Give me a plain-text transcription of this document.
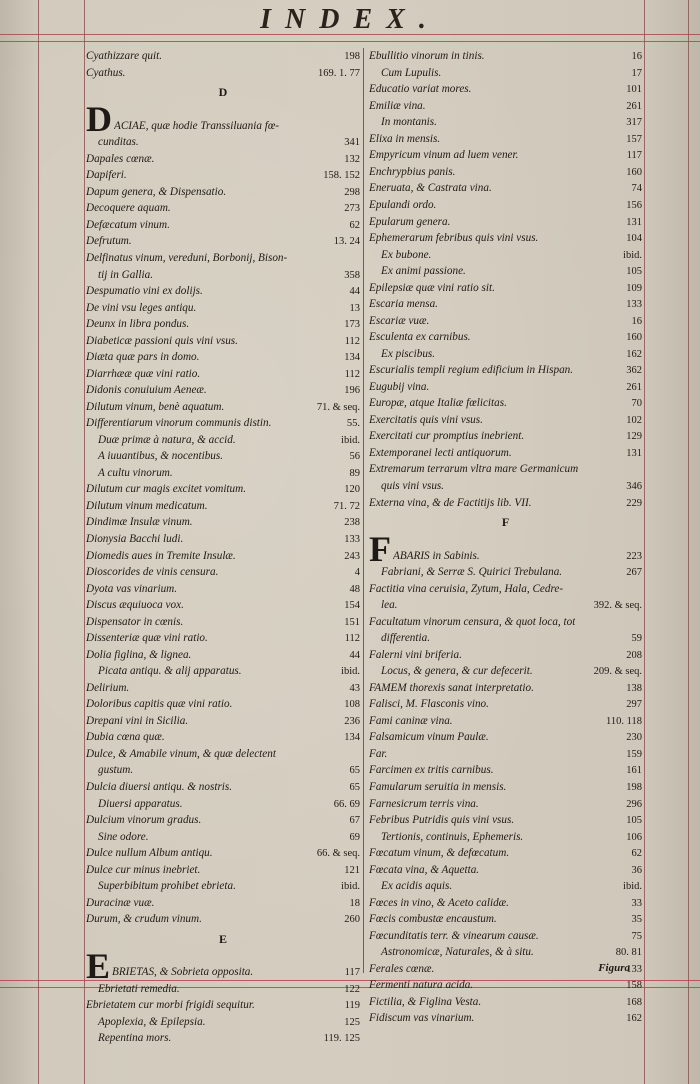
INDEX.
Cyathizzare quit.	198
Cyathus.	169. 1. 77
D
D ACIAE, quæ hodie Transsiluania fœ-
cunditas.	341
Dapales cœnæ.	132
Dapiferi.	158. 152
Dapum genera, & Dispensatio.	298
Decoquere aquam.	273
Defæcatum vinum.	62
Defrutum.	13. 24
Delfinatus vinum, vereduni, Borbonij, Bison-
tij in Gallia.	358
Despumatio vini ex dolijs.	44
De vini vsu leges antiqu.	13
Deunx in libra pondus.	173
Diabeticæ passioni quis vini vsus.	112
Diæta quæ pars in domo.	134
Diarrhææ quæ vini ratio.	112
Didonis conuiuium Aeneæ.	196
Dilutum vinum, benè aquatum.	71. & seq.
Differentiarum vinorum communis distin.	55.
Duæ primæ à natura, & accid.	ibid.
A iuuantibus, & nocentibus.	56
A cultu vinorum.	89
Dilutum cur magis excitet vomitum.	120
Dilutum vinum medicatum.	71. 72
Dindimæ Insulæ vinum.	238
Dionysia Bacchi ludi.	133
Diomedis aues in Tremite Insulæ.	243
Dioscorides de vinis censura.	4
Dyota vas vinarium.	48
Discus æquiuoca vox.	154
Dispensator in cœnis.	151
Dissenteriæ quæ vini ratio.	112
Dolia figlina, & lignea.	44
Picata antiqu. & alij apparatus.	ibid.
Delirium.	43
Doloribus capitis quæ vini ratio.	108
Drepani vini in Sicilia.	236
Dubia cœna quæ.	134
Dulce, & Amabile vinum, & quæ delectent
gustum.	65
Dulcia diuersi antiqu. & nostris.	65
Diuersi apparatus.	66. 69
Dulcium vinorum gradus.	67
Sine odore.	69
Dulce nullum Album antiqu.	66. & seq.
Dulce cur minus inebriet.	121
Superbibitum prohibet ebrieta.	ibid.
Duracinæ vuæ.	18
Durum, & crudum vinum.	260
E
E BRIETAS, & Sobrieta opposita.	117
Ebrietati remedia.	122
Ebrietatem cur morbi frigidi sequitur.	119
Apoplexia, & Epilepsia.	125
Repentina mors.	119. 125
Ebullitio vinorum in tinis.	16
Cum Lupulis.	17
Educatio variat mores.	101
Emiliæ vina.	261
In montanis.	317
Elixa in mensis.	157
Empyricum vinum ad luem vener.	117
Enchrypbius panis.	160
Eneruata, & Castrata vina.	74
Epulandi ordo.	156
Epularum genera.	131
Ephemerarum febribus quis vini vsus.	104
Ex bubone.	ibid.
Ex animi passione.	105
Epilepsiæ quæ vini ratio sit.	109
Escaria mensa.	133
Escariæ vuæ.	16
Esculenta ex carnibus.	160
Ex piscibus.	162
Escurialis templi regium edificium in Hispan.	362
Eugubij vina.	261
Europæ, atque Italiæ fœlicitas.	70
Exercitatis quis vini vsus.	102
Exercitati cur promptius inebrient.	129
Extemporanei lecti antiquorum.	131
Extremarum terrarum vltra mare Germanicum
quis vini vsus.	346
Externa vina, & de Factitijs lib. VII.	229
F
F ABARIS in Sabinis.	223
Fabriani, & Serræ S. Quirici Trebulana.	267
Factitia vina ceruisia, Zytum, Hala, Cedre-
lea.	392. & seq.
Facultatum vinorum censura, & quot loca, tot
differentia.	59
Falerni vini briferia.	208
Locus, & genera, & cur defecerit.	209. & seq.
FAMEM thorexis sanat interpretatio.	138
Falisci, M. Flasconis vino.	297
Fami caninæ vina.	110. 118
Falsamicum vinum Paulæ.	230
Far.	159
Farcimen ex tritis carnibus.	161
Famularum seruitia in mensis.	198
Farnesicrum terris vina.	296
Febribus Putridis quis vini vsus.	105
Tertionis, continuis, Ephemeris.	106
Fœcatum vinum, & defœcatum.	62
Fœcata vina, & Aquetta.	36
Ex acidis aquis.	ibid.
Fœces in vino, & Aceto calidæ.	33
Fœcis combustæ encaustum.	35
Fœcunditatis terr. & vinearum causæ.	75
Astronomicæ, Naturales, & à situ.	80. 81
Ferales cœnæ.	133
Fermenti natura acida.	158
Fictilia, & Figlina Vesta.	168
Fidiscum vas vinarium.	162
Figura
